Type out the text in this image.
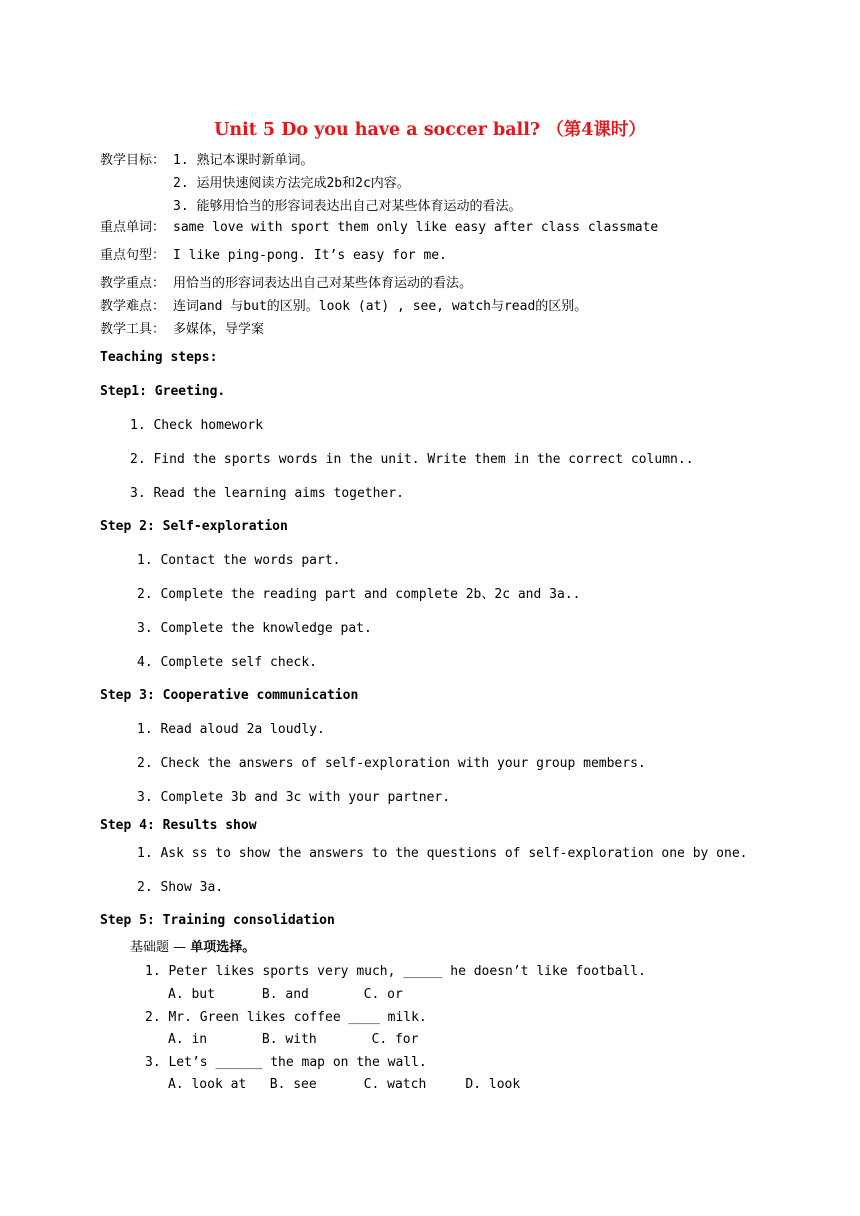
Unit 5 Do you have a soccer ball? （第4课时）
教学目标： 1. 熟记本课时新单词。
2. 运用快速阅读方法完成2b和2c内容。
3. 能够用恰当的形容词表达出自己对某些体育运动的看法。
重点单词： same love with sport them only like easy after class classmate
重点句型： I like ping-pong. It’s easy for me.
教学重点： 用恰当的形容词表达出自己对某些体育运动的看法。
教学难点： 连词and 与but的区别。look (at) , see, watch与read的区别。
教学工具： 多媒体，导学案
Teaching steps:
Step1: Greeting.
1. Check homework
2. Find the sports words in the unit. Write them in the correct column..
3. Read the learning aims together.
Step 2: Self-exploration
1. Contact the words part.
2. Complete the reading part and complete 2b、2c and 3a..
3. Complete the knowledge pat.
4. Complete self check.
Step 3: Cooperative communication
1. Read aloud 2a loudly.
2. Check the answers of self-exploration with your group members.
3. Complete 3b and 3c with your partner.
Step 4: Results show
1. Ask ss to show the answers to the questions of self-exploration one by one.
2. Show 3a.
Step 5: Training consolidation
基础题 — 单项选择。
1. Peter likes sports very much, _____ he doesn’t like football.
A. but      B. and       C. or
2. Mr. Green likes coffee ____ milk.
A. in       B. with       C. for
3. Let’s ______ the map on the wall.
A. look at   B. see      C. watch     D. look
